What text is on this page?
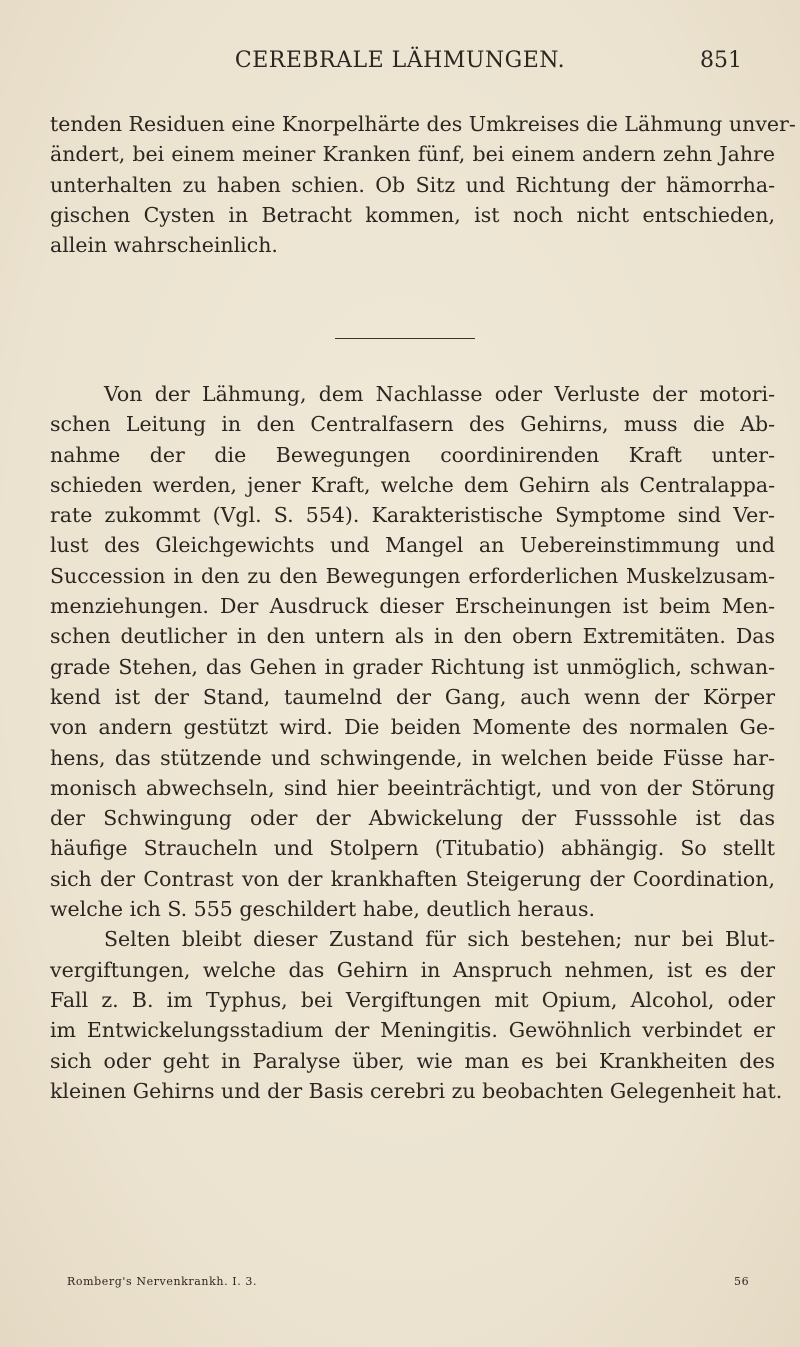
CEREBRALE LÄHMUNGEN.	851
tenden Residuen eine Knorpelhärte des Umkreises die Lähmung unver-
ändert, bei einem meiner Kranken fünf, bei einem andern zehn Jahre
unterhalten zu haben schien. Ob Sitz und Richtung der hämorrha-
gischen Cysten in Betracht kommen, ist noch nicht entschieden,
allein wahrscheinlich.
Von der Lähmung, dem Nachlasse oder Verluste der motori-
schen Leitung in den Centralfasern des Gehirns, muss die Ab-
nahme der die Bewegungen coordinirenden Kraft unter-
schieden werden, jener Kraft, welche dem Gehirn als Centralappa-
rate zukommt (Vgl. S. 554). Karakteristische Symptome sind Ver-
lust des Gleichgewichts und Mangel an Uebereinstimmung und
Succession in den zu den Bewegungen erforderlichen Muskelzusam-
menziehungen. Der Ausdruck dieser Erscheinungen ist beim Men-
schen deutlicher in den untern als in den obern Extremitäten. Das
grade Stehen, das Gehen in grader Richtung ist unmöglich, schwan-
kend ist der Stand, taumelnd der Gang, auch wenn der Körper
von andern gestützt wird. Die beiden Momente des normalen Ge-
hens, das stützende und schwingende, in welchen beide Füsse har-
monisch abwechseln, sind hier beeinträchtigt, und von der Störung
der Schwingung oder der Abwickelung der Fusssohle ist das
häufige Straucheln und Stolpern (Titubatio) abhängig. So stellt
sich der Contrast von der krankhaften Steigerung der Coordination,
welche ich S. 555 geschildert habe, deutlich heraus.
Selten bleibt dieser Zustand für sich bestehen; nur bei Blut-
vergiftungen, welche das Gehirn in Anspruch nehmen, ist es der
Fall z. B. im Typhus, bei Vergiftungen mit Opium, Alcohol, oder
im Entwickelungsstadium der Meningitis. Gewöhnlich verbindet er
sich oder geht in Paralyse über, wie man es bei Krankheiten des
kleinen Gehirns und der Basis cerebri zu beobachten Gelegenheit hat.
Romberg's Nervenkrankh. I. 3.	56
